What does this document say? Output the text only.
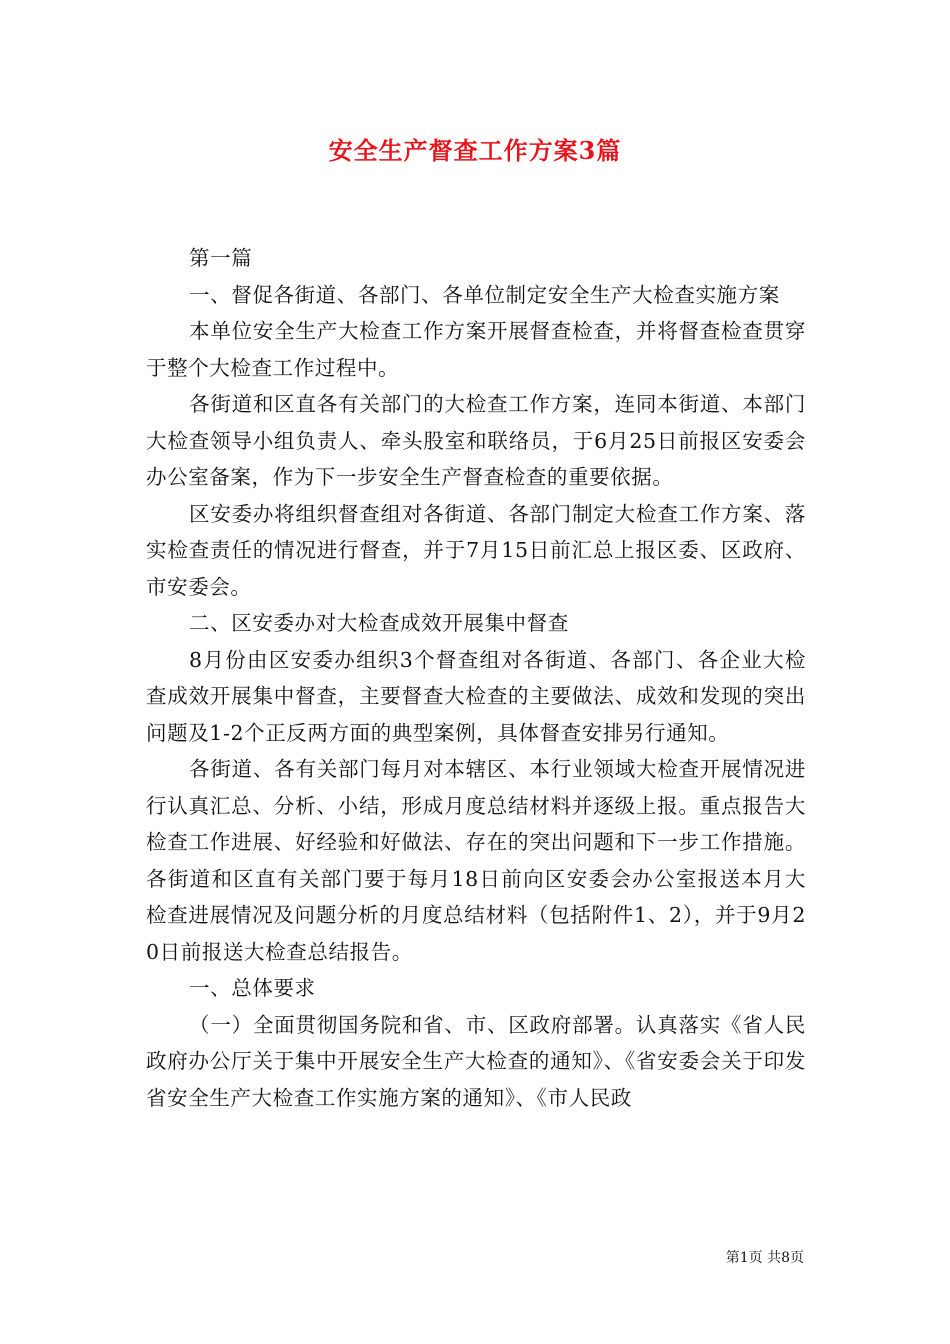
安全生产督查工作方案3篇

第一篇

一、督促各街道、各部门、各单位制定安全生产大检查实施方案

本单位安全生产大检查工作方案开展督查检查，并将督查检查贯穿于整个大检查工作过程中。

各街道和区直各有关部门的大检查工作方案，连同本街道、本部门大检查领导小组负责人、牵头股室和联络员，于6月25日前报区安委会办公室备案，作为下一步安全生产督查检查的重要依据。

区安委办将组织督查组对各街道、各部门制定大检查工作方案、落实检查责任的情况进行督查，并于7月15日前汇总上报区委、区政府、市安委会。

二、区安委办对大检查成效开展集中督查

8月份由区安委办组织3个督查组对各街道、各部门、各企业大检查成效开展集中督查，主要督查大检查的主要做法、成效和发现的突出问题及1-2个正反两方面的典型案例，具体督查安排另行通知。

各街道、各有关部门每月对本辖区、本行业领域大检查开展情况进行认真汇总、分析、小结，形成月度总结材料并逐级上报。重点报告大检查工作进展、好经验和好做法、存在的突出问题和下一步工作措施。各街道和区直有关部门要于每月18日前向区安委会办公室报送本月大检查进展情况及问题分析的月度总结材料（包括附件1、2），并于9月20日前报送大检查总结报告。

一、总体要求

（一）全面贯彻国务院和省、市、区政府部署。认真落实《省人民政府办公厅关于集中开展安全生产大检查的通知》、《省安委会关于印发省安全生产大检查工作实施方案的通知》、《市人民政

第1页 共8页
